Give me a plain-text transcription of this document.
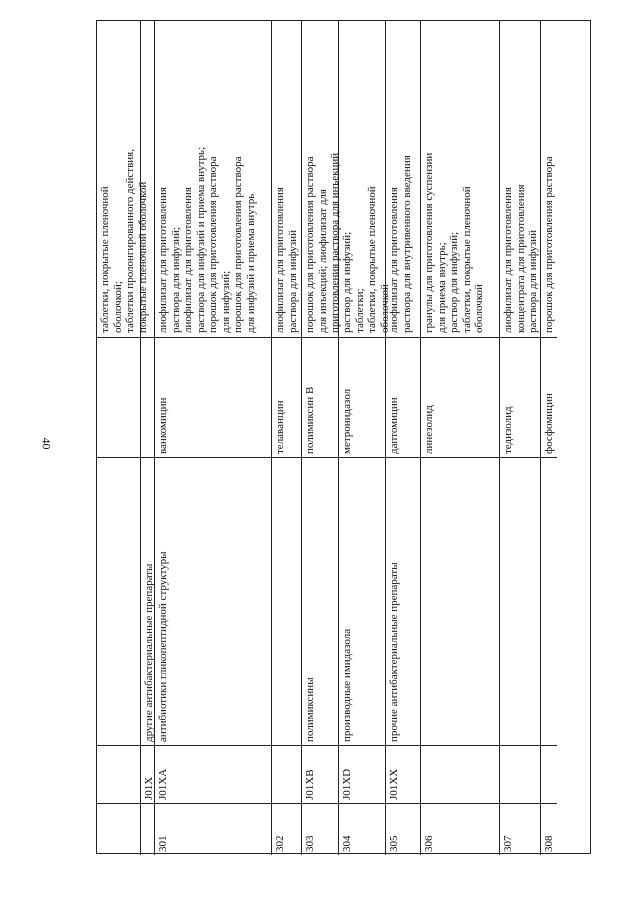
40
таблетки, покрытые пленочной
оболочкой;
таблетки пролонгированного действия,
покрытые пленочной оболочкой
J01X
другие антибактериальные препараты
301
J01XA
антибиотики гликопептидной структуры
ванкомицин
лиофилизат для приготовления
раствора для инфузий;
лиофилизат для приготовления
раствора для инфузий и приема внутрь;
порошок для приготовления раствора
для инфузий;
порошок для приготовления раствора
для инфузий и приема внутрь
302
телаванцин
лиофилизат для приготовления
раствора для инфузий
303
J01XB
полимиксины
полимиксин В
порошок для приготовления раствора
для инъекций; лиофилизат для
приготовления раствора для инъекций
304
J01XD
производные имидазола
метронидазол
раствор для инфузий;
таблетки;
таблетки, покрытые пленочной
оболочкой
305
J01XX
прочие антибактериальные препараты
даптомицин
лиофилизат для приготовления
раствора для внутривенного введения
306
линезолид
гранулы для приготовления суспензии
для приема внутрь;
раствор для инфузий;
таблетки, покрытые пленочной
оболочкой
307
тедизолид
лиофилизат для приготовления
концентрата для приготовления
раствора для инфузий
308
фосфомицин
порошок для приготовления раствора
